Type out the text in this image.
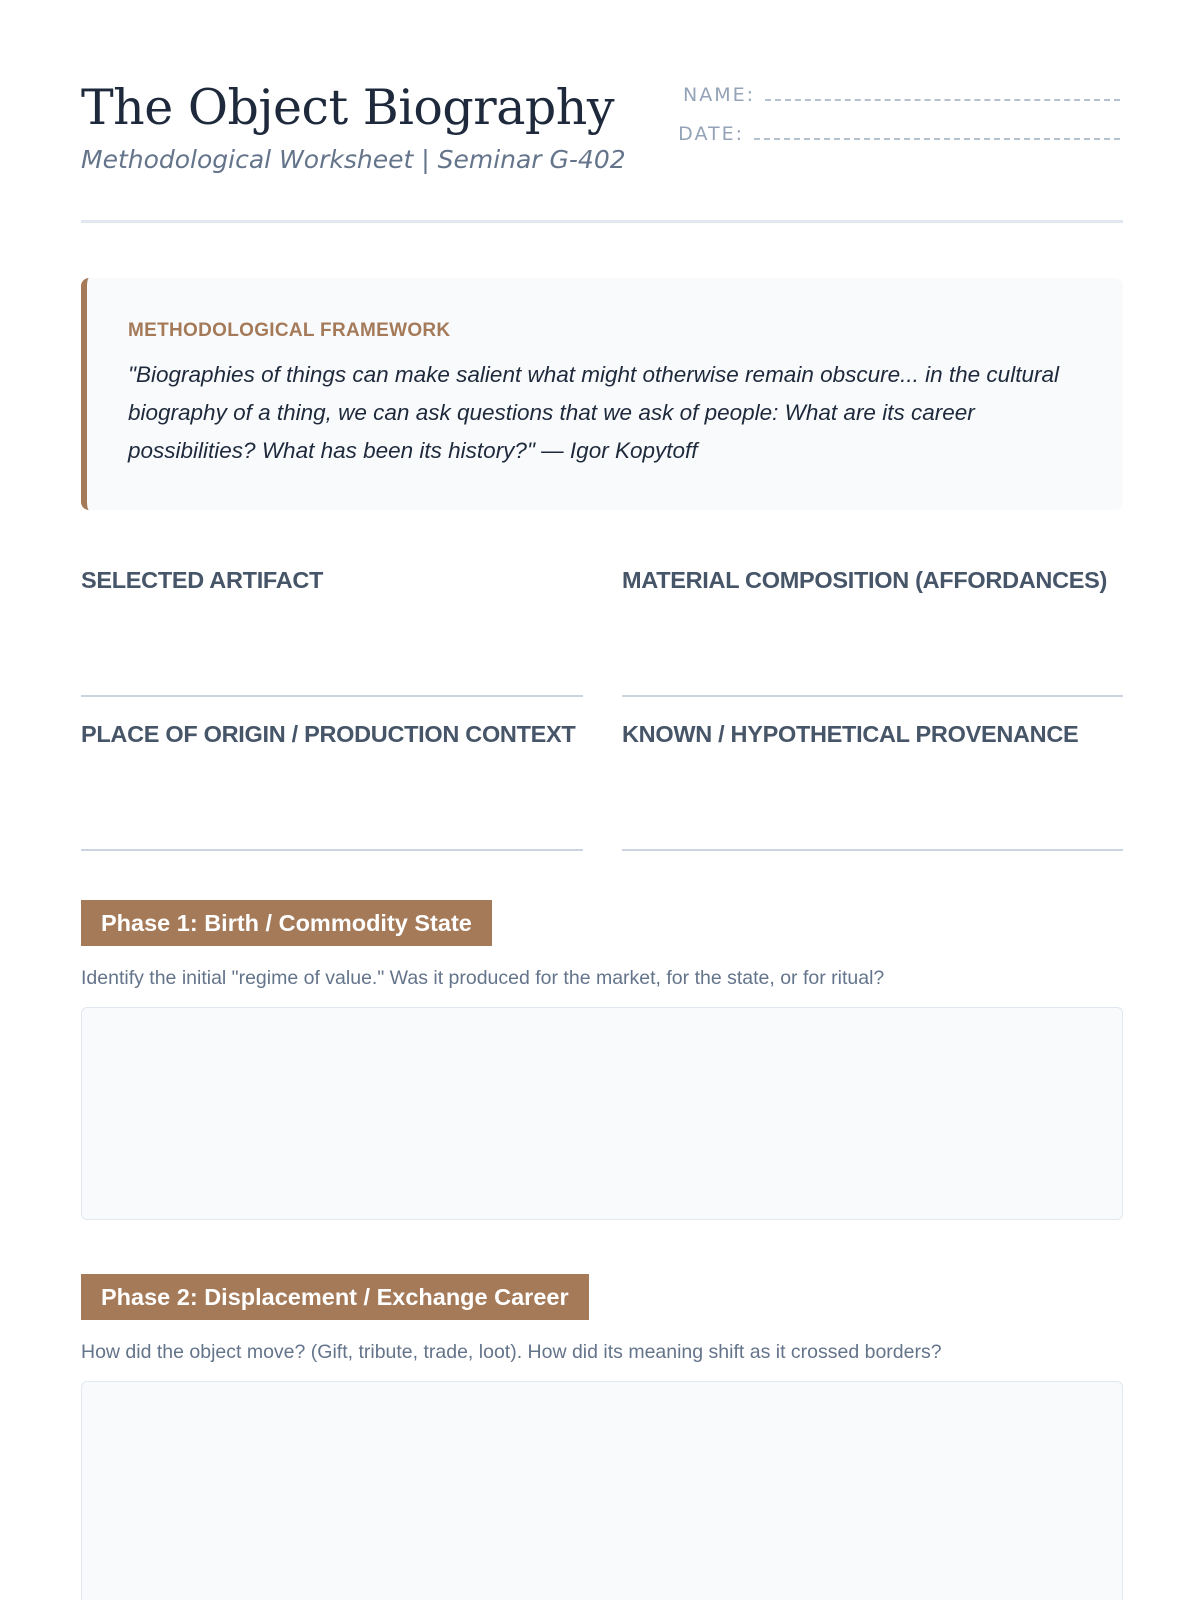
The Object Biography
Methodological Worksheet | Seminar G-402
NAME:
DATE:
METHODOLOGICAL FRAMEWORK

"Biographies of things can make salient what might otherwise remain obscure... in the cultural biography of a thing, we can ask questions that we ask of people: What are its career possibilities? What has been its history?" — Igor Kopytoff

SELECTED ARTIFACT	MATERIAL COMPOSITION (AFFORDANCES)
PLACE OF ORIGIN / PRODUCTION CONTEXT KNOWN / HYPOTHETICAL PROVENANCE
Phase 1: Birth / Commodity State
Identify the initial "regime of value." Was it produced for the market, for the state, or for ritual?
Phase 2: Displacement / Exchange Career
How did the object move? (Gift, tribute, trade, loot). How did its meaning shift as it crossed borders?
